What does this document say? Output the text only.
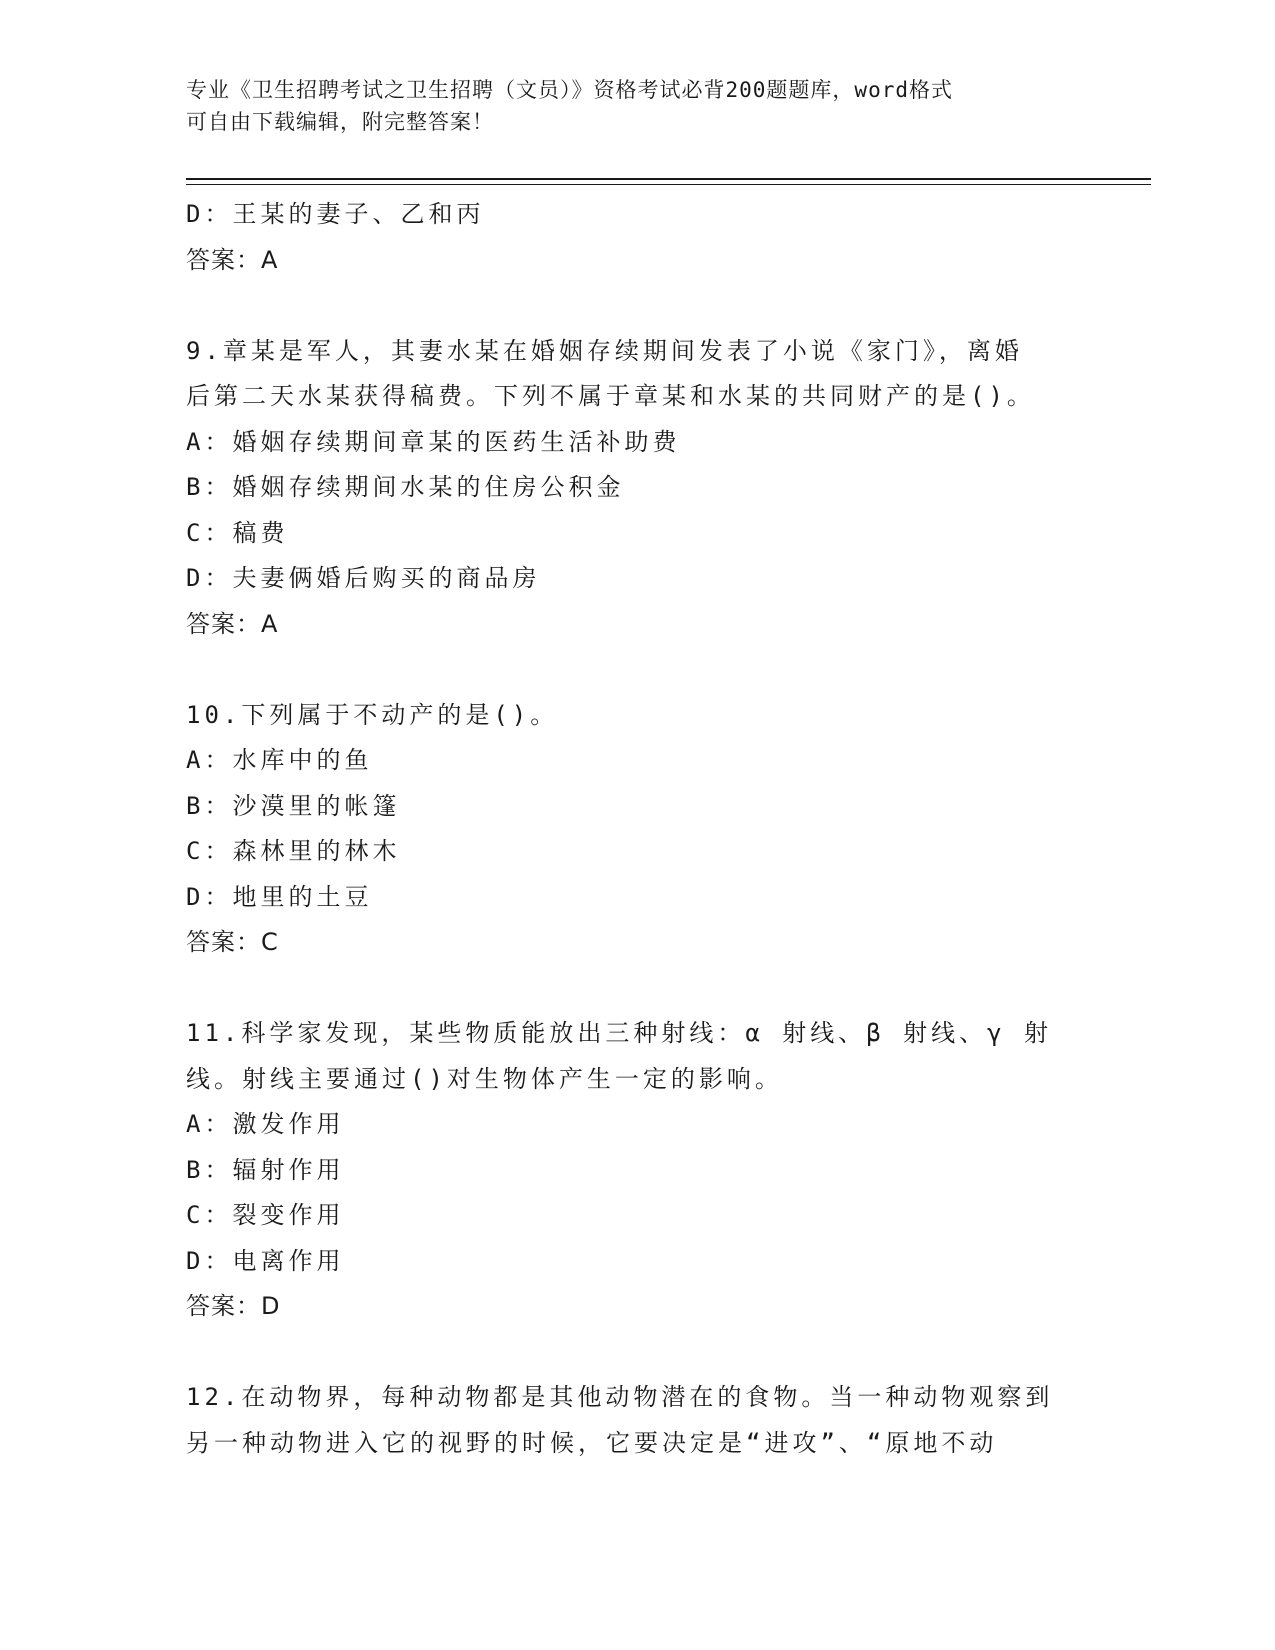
专业《卫生招聘考试之卫生招聘（文员）》资格考试必背200题题库，word格式
可自由下载编辑，附完整答案！
D：王某的妻子、乙和丙
答案：A
9.章某是军人，其妻水某在婚姻存续期间发表了小说《家门》，离婚
后第二天水某获得稿费。下列不属于章某和水某的共同财产的是()。
A：婚姻存续期间章某的医药生活补助费
B：婚姻存续期间水某的住房公积金
C：稿费
D：夫妻俩婚后购买的商品房
答案：A
10.下列属于不动产的是()。
A：水库中的鱼
B：沙漠里的帐篷
C：森林里的林木
D：地里的土豆
答案：C
11.科学家发现，某些物质能放出三种射线：α 射线、β 射线、γ 射
线。射线主要通过()对生物体产生一定的影响。
A：激发作用
B：辐射作用
C：裂变作用
D：电离作用
答案：D
12.在动物界，每种动物都是其他动物潜在的食物。当一种动物观察到
另一种动物进入它的视野的时候，它要决定是“进攻”、“原地不动
